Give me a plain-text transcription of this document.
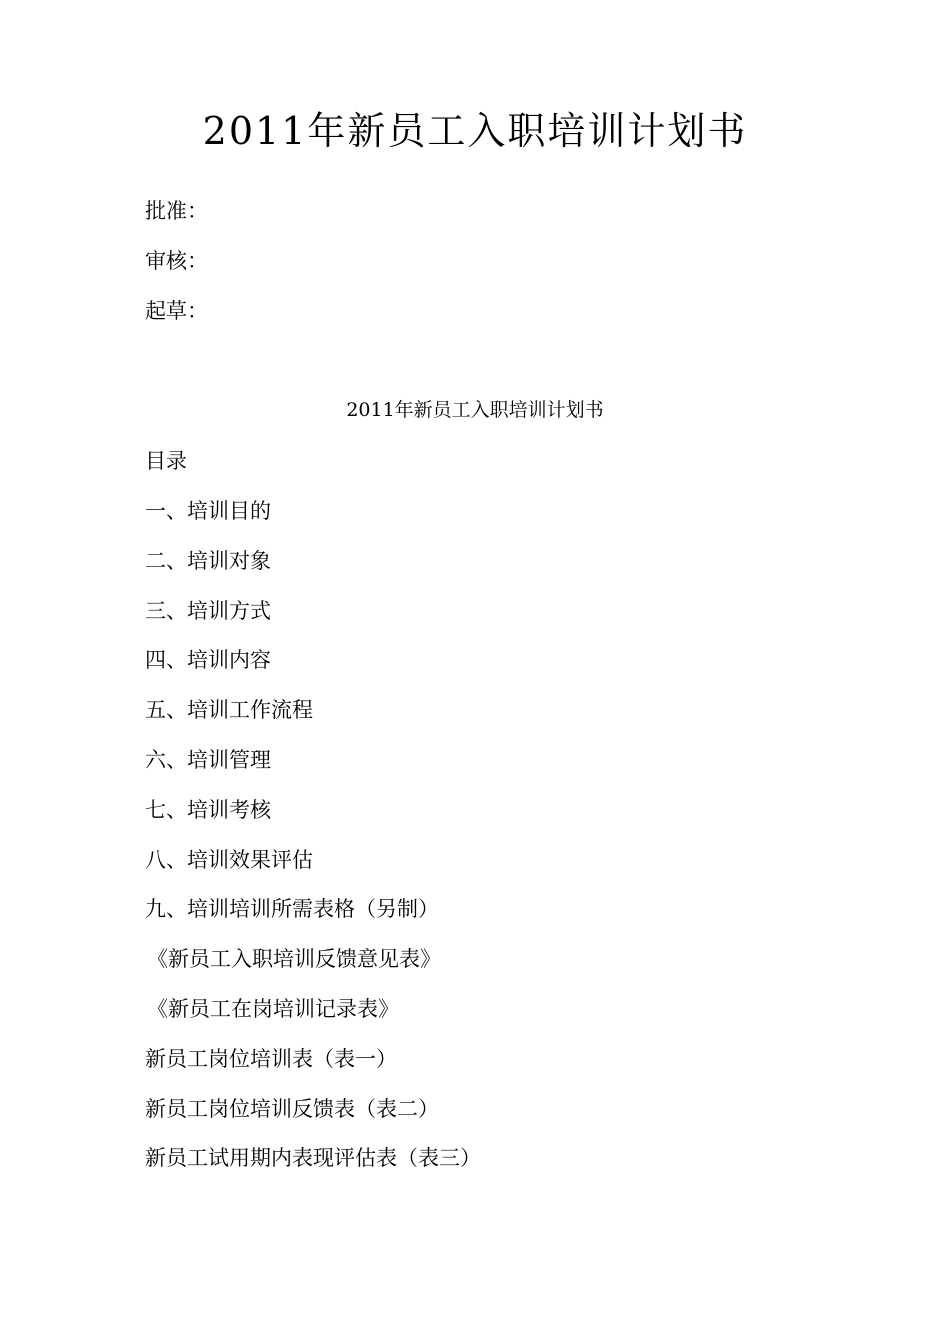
2011年新员工入职培训计划书
批准：
审核：
起草：
2011年新员工入职培训计划书
目录
一、培训目的
二、培训对象
三、培训方式
四、培训内容
五、培训工作流程
六、培训管理
七、培训考核
八、培训效果评估
九、培训培训所需表格（另制）
《新员工入职培训反馈意见表》
《新员工在岗培训记录表》
新员工岗位培训表（表一）
新员工岗位培训反馈表（表二）
新员工试用期内表现评估表（表三）
